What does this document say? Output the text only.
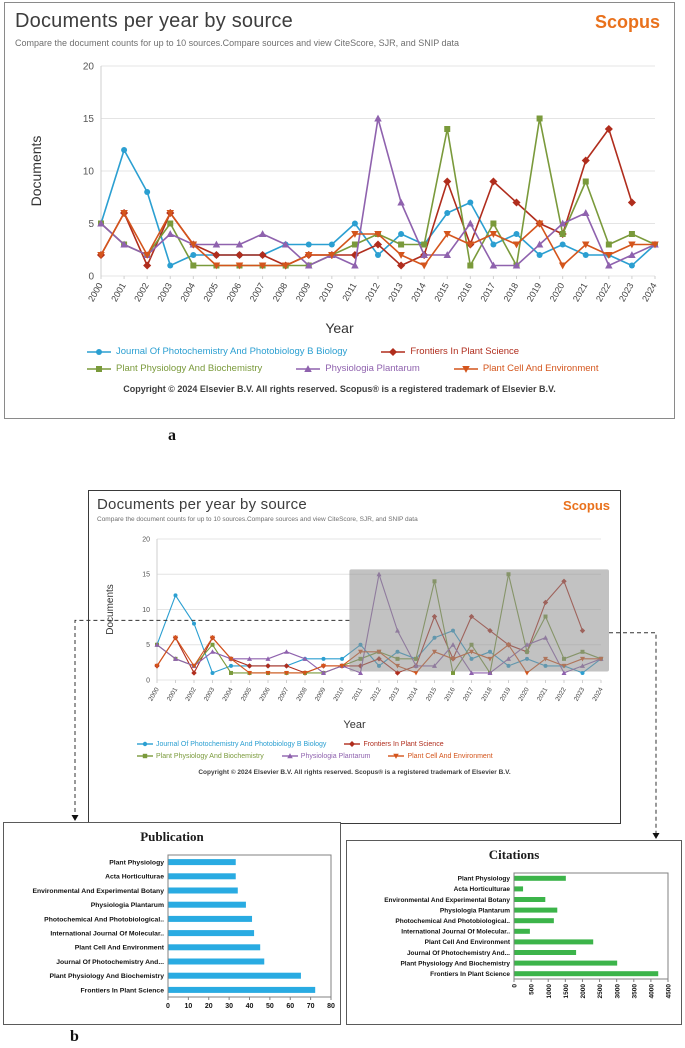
Documents per year by source	Scopus

Compare the document counts for up to 10 sources.Compare sources and view CiteScore, SJR, and SNIP data

0
5
10
15
20
2000 2001 2002 2003 2004 2005 2006 2007 2008 2009 2010 2011 2012 2013 2014 2015 2016 2017 2018 2019 2020 2021 2022 2023 2024
Documents
Year
Journal Of Photochemistry And Photobiology B Biology	Frontiers In Plant Science
Plant Physiology And Biochemistry	Physiologia Plantarum	Plant Cell And Environment

Copyright © 2024 Elsevier B.V. All rights reserved. Scopus® is a registered trademark of Elsevier B.V.

a
Documents per year by source	Scopus

Compare the document counts for up to 10 sources.Compare sources and view CiteScore, SJR, and SNIP data

0
5
10
15
20
2000 2001 2002 2003 2004 2005 2006 2007 2008 2009 2010 2011 2012 2013 2014 2015 2016 2017 2018 2019 2020 2021 2022 2023 2024
Documents
Year
Journal Of Photochemistry And Photobiology B Biology	Frontiers In Plant Science
Plant Physiology And Biochemistry	Physiologia Plantarum	Plant Cell And Environment

Copyright © 2024 Elsevier B.V. All rights reserved. Scopus® is a registered trademark of Elsevier B.V.

Publication
Plant Physiology
Acta Horticulturae
Environmental And Experimental Botany
Physiologia Plantarum
Photochemical And Photobiological..
International Journal Of Molecular..
Plant Cell And Environment
Journal Of Photochemistry And...
Plant Physiology And Biochemistry
Frontiers In Plant Science
0 10 20 30 40 50 60 70 80
Citations
Plant Physiology
Acta Horticulturae
Environmental And Experimental Botany
Physiologia Plantarum
Photochemical And Photobiological..
International Journal Of Molecular..
Plant Cell And Environment
Journal Of Photochemistry And...
Plant Physiology And Biochemistry
Frontiers In Plant Science
0 500 1000 1500 2000 2500 3000 3500 4000 4500
b
